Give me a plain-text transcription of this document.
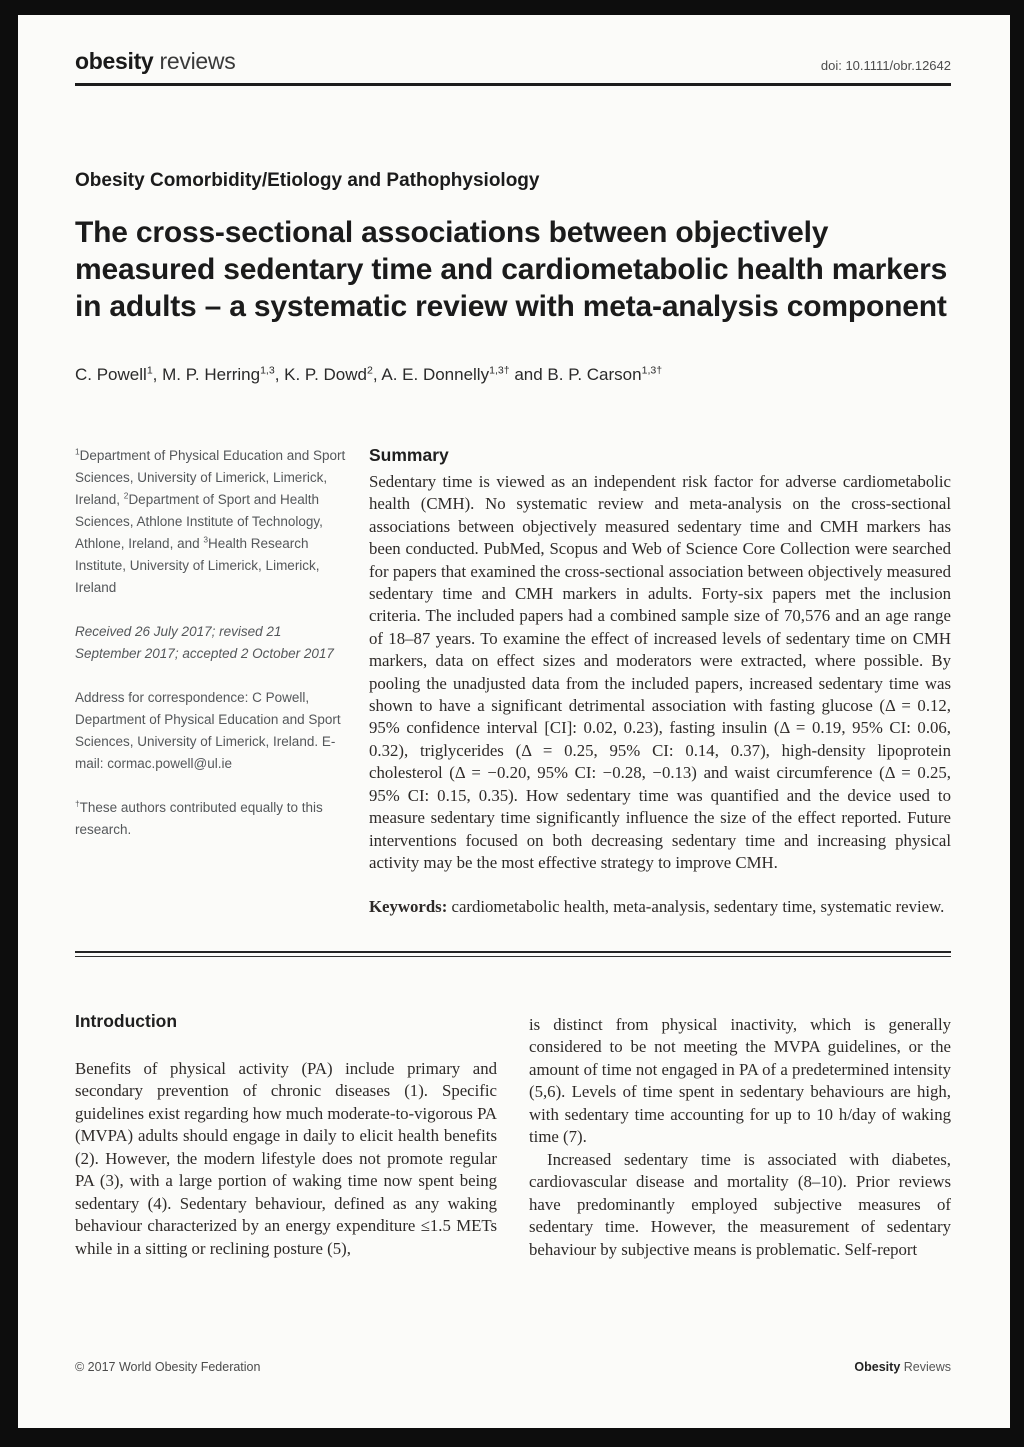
obesity reviews	doi: 10.1111/obr.12642
Obesity Comorbidity/Etiology and Pathophysiology
The cross-sectional associations between objectively measured sedentary time and cardiometabolic health markers in adults – a systematic review with meta-analysis component
C. Powell$^1$, M. P. Herring$^{1,3}$, K. P. Dowd$^2$, A. E. Donnelly$^{1,3\dagger}$ and B. P. Carson$^{1,3\dagger}$

$^1$Department of Physical Education and Sport Sciences, University of Limerick, Limerick, Ireland, $^2$Department of Sport and Health Sciences, Athlone Institute of Technology, Athlone, Ireland, and $^3$Health Research Institute, University of Limerick, Limerick, Ireland

Received 26 July 2017; revised 21 September 2017; accepted 2 October 2017

Address for correspondence: C Powell, Department of Physical Education and Sport Sciences, University of Limerick, Ireland. E-mail: cormac.powell@ul.ie

†These authors contributed equally to this research.

Summary

Sedentary time is viewed as an independent risk factor for adverse cardiometabolic health (CMH). No systematic review and meta-analysis on the cross-sectional associations between objectively measured sedentary time and CMH markers has been conducted. PubMed, Scopus and Web of Science Core Collection were searched for papers that examined the cross-sectional association between objectively measured sedentary time and CMH markers in adults. Forty-six papers met the inclusion criteria. The included papers had a combined sample size of 70,576 and an age range of 18–87 years. To examine the effect of increased levels of sedentary time on CMH markers, data on effect sizes and moderators were extracted, where possible. By pooling the unadjusted data from the included papers, increased sedentary time was shown to have a significant detrimental association with fasting glucose (Δ = 0.12, 95% confidence interval [CI]: 0.02, 0.23), fasting insulin (Δ = 0.19, 95% CI: 0.06, 0.32), triglycerides (Δ = 0.25, 95% CI: 0.14, 0.37), high-density lipoprotein cholesterol (Δ = −0.20, 95% CI: −0.28, −0.13) and waist circumference (Δ = 0.25, 95% CI: 0.15, 0.35). How sedentary time was quantified and the device used to measure sedentary time significantly influence the size of the effect reported. Future interventions focused on both decreasing sedentary time and increasing physical activity may be the most effective strategy to improve CMH.

Keywords: cardiometabolic health, meta-analysis, sedentary time, systematic review.

Introduction

Benefits of physical activity (PA) include primary and secondary prevention of chronic diseases (1). Specific guidelines exist regarding how much moderate-to-vigorous PA (MVPA) adults should engage in daily to elicit health benefits (2). However, the modern lifestyle does not promote regular PA (3), with a large portion of waking time now spent being sedentary (4). Sedentary behaviour, defined as any waking behaviour characterized by an energy expenditure ≤1.5 METs while in a sitting or reclining posture (5),

is distinct from physical inactivity, which is generally considered to be not meeting the MVPA guidelines, or the amount of time not engaged in PA of a predetermined intensity (5,6). Levels of time spent in sedentary behaviours are high, with sedentary time accounting for up to 10 h/day of waking time (7).

Increased sedentary time is associated with diabetes, cardiovascular disease and mortality (8–10). Prior reviews have predominantly employed subjective measures of sedentary time. However, the measurement of sedentary behaviour by subjective means is problematic. Self-report

© 2017 World Obesity Federation	Obesity Reviews
